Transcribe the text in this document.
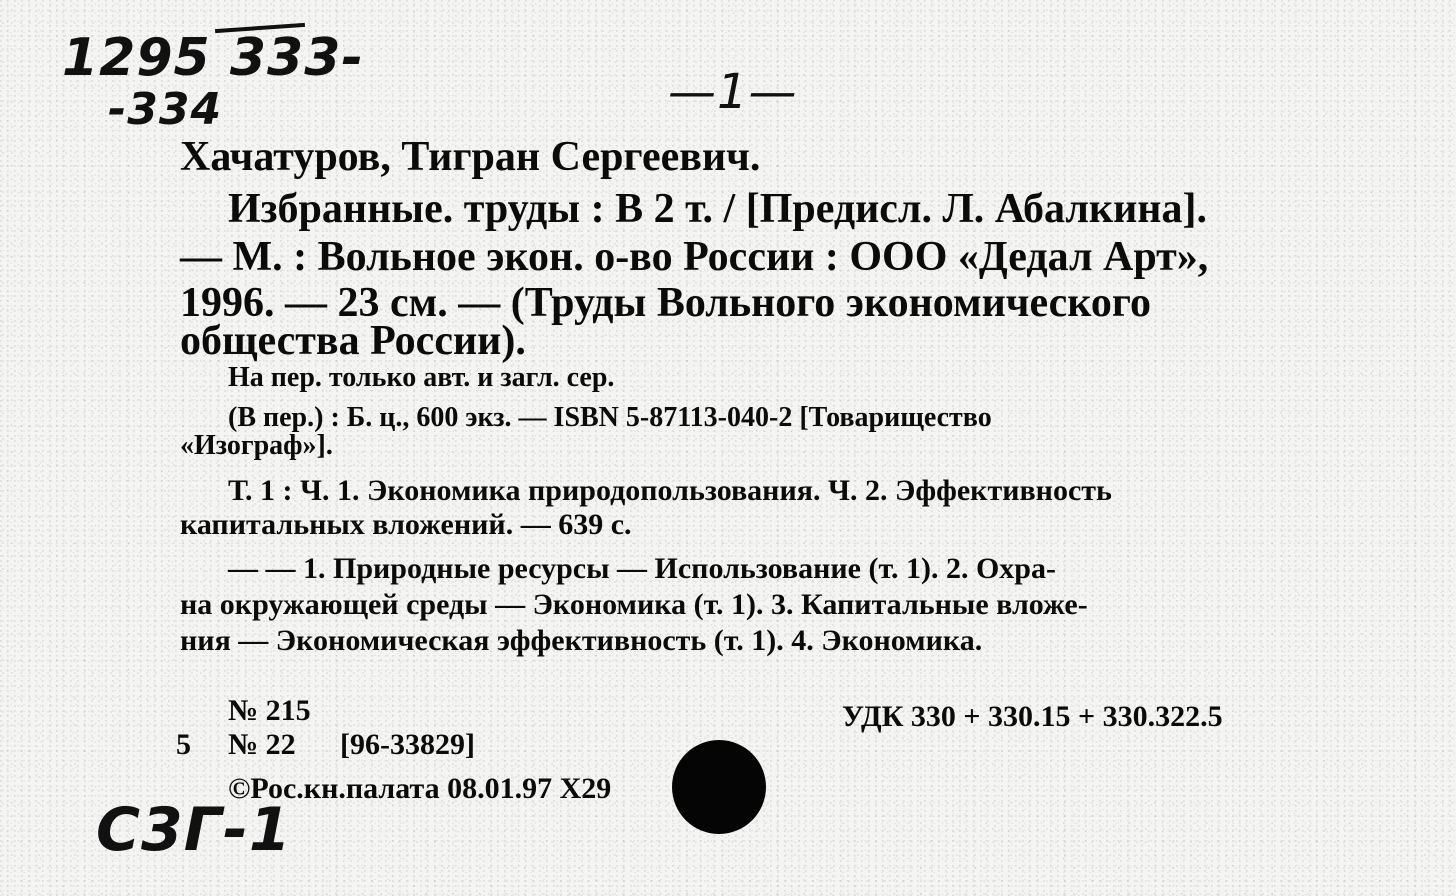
1295 333-
-334	—1—
C3Г-1
Хачатуров, Тигран Сергеевич.
Избранные. труды : В 2 т. / [Предисл. Л. Абалкина].
— М. : Вольное экон. о-во России : ООО «Дедал Арт»,
1996. — 23 см. — (Труды Вольного экономического
общества России).
На пер. только авт. и загл. сер.
(В пер.) : Б. ц., 600 экз. — ISBN 5-87113-040-2 [Товарищество
«Изограф»].
Т. 1 : Ч. 1. Экономика природопользования. Ч. 2. Эффективность
капитальных вложений. — 639 с.
— — 1. Природные ресурсы — Использование (т. 1). 2. Охра-
на окружающей среды — Экономика (т. 1). 3. Капитальные вложе-
ния — Экономическая эффективность (т. 1). 4. Экономика.
№ 215
5 № 22 [96-33829]
©Рос.кн.палата 08.01.97 Х29
УДК 330 + 330.15 + 330.322.5
